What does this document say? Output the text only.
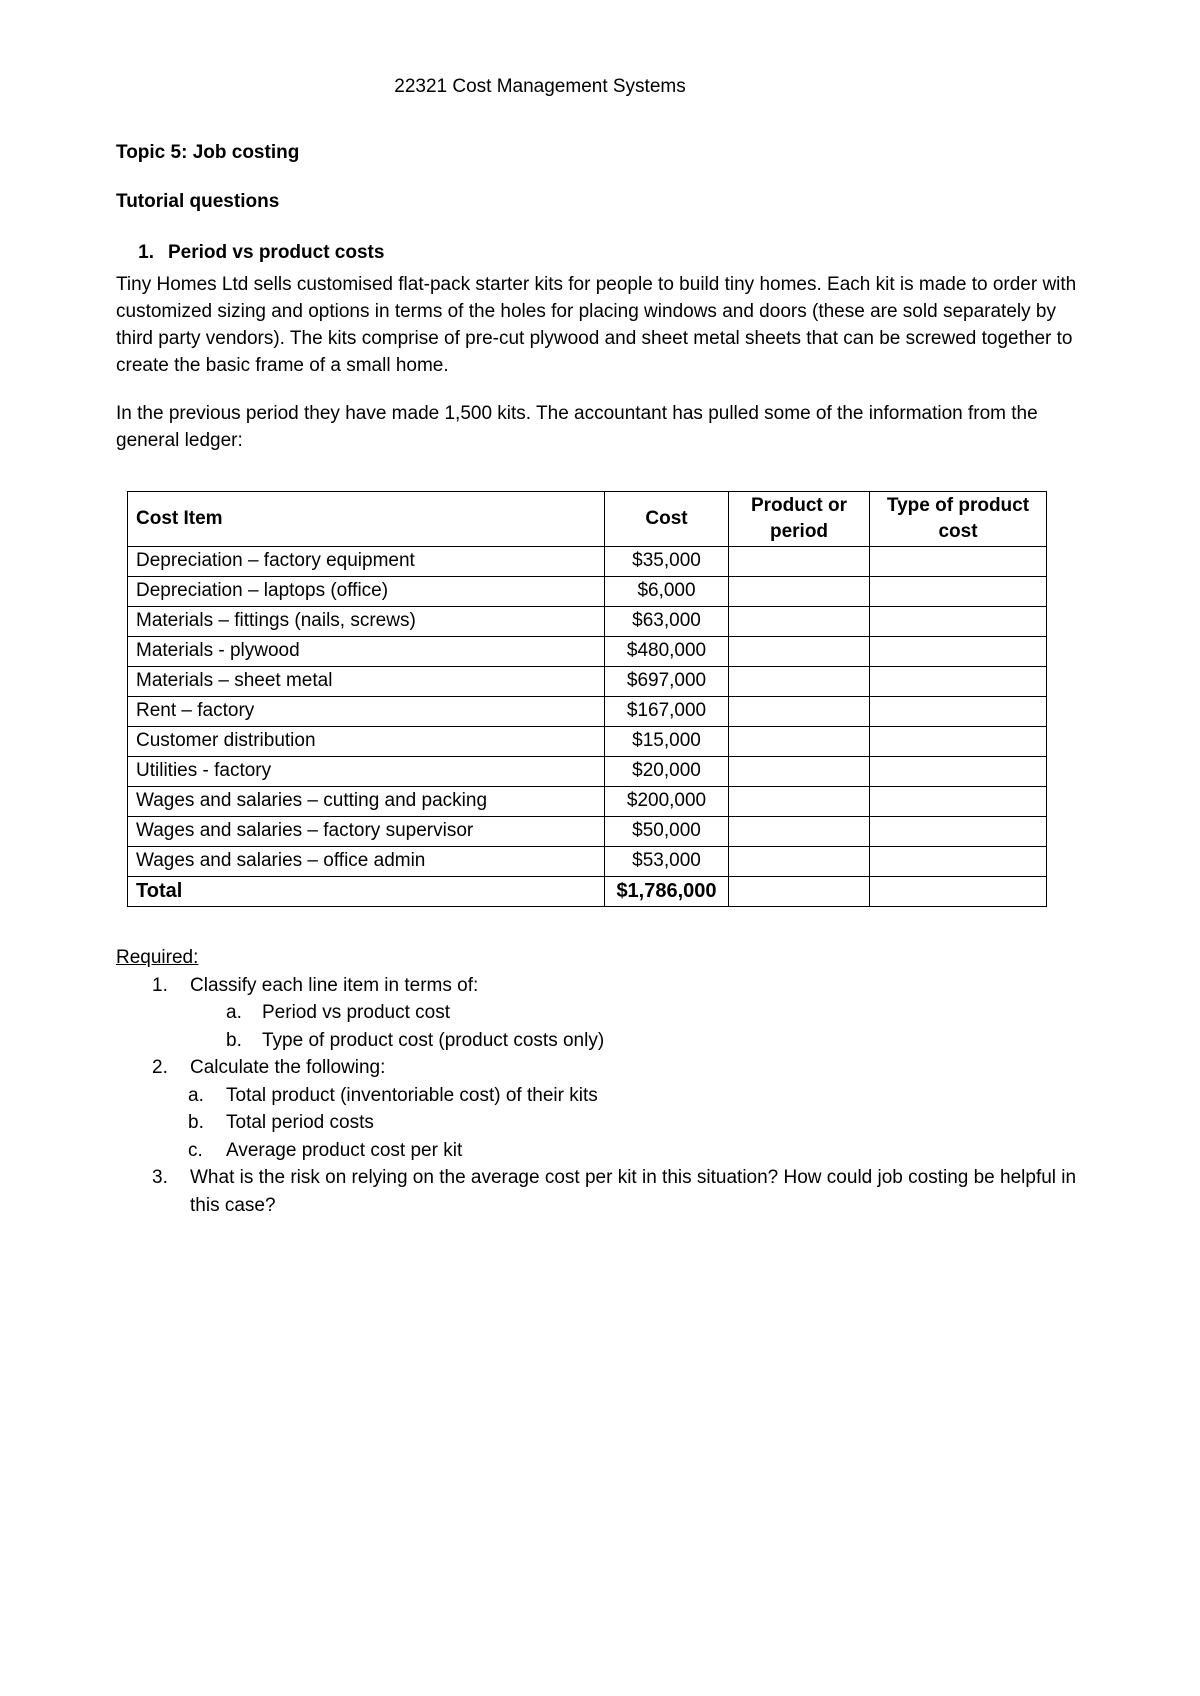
22321 Cost Management Systems

Topic 5: Job costing

Tutorial questions

1. Period vs product costs

Tiny Homes Ltd sells customised flat-pack starter kits for people to build tiny homes. Each kit is made to order with customized sizing and options in terms of the holes for placing windows and doors (these are sold separately by third party vendors). The kits comprise of pre-cut plywood and sheet metal sheets that can be screwed together to create the basic frame of a small home.

In the previous period they have made 1,500 kits. The accountant has pulled some of the information from the general ledger:

Cost Item	Cost	Product or period	Type of product cost
Depreciation – factory equipment	$35,000		
Depreciation – laptops (office)	$6,000		
Materials – fittings (nails, screws)	$63,000		
Materials - plywood	$480,000		
Materials – sheet metal	$697,000		
Rent – factory	$167,000		
Customer distribution	$15,000		
Utilities - factory	$20,000		
Wages and salaries – cutting and packing	$200,000		
Wages and salaries – factory supervisor	$50,000		
Wages and salaries – office admin	$53,000		
Total	$1,786,000		
Required:
1. Classify each line item in terms of:
a. Period vs product cost
b. Type of product cost (product costs only)
2. Calculate the following:
a. Total product (inventoriable cost) of their kits
b. Total period costs
c. Average product cost per kit
3. What is the risk on relying on the average cost per kit in this situation? How could job costing be helpful in this case?
